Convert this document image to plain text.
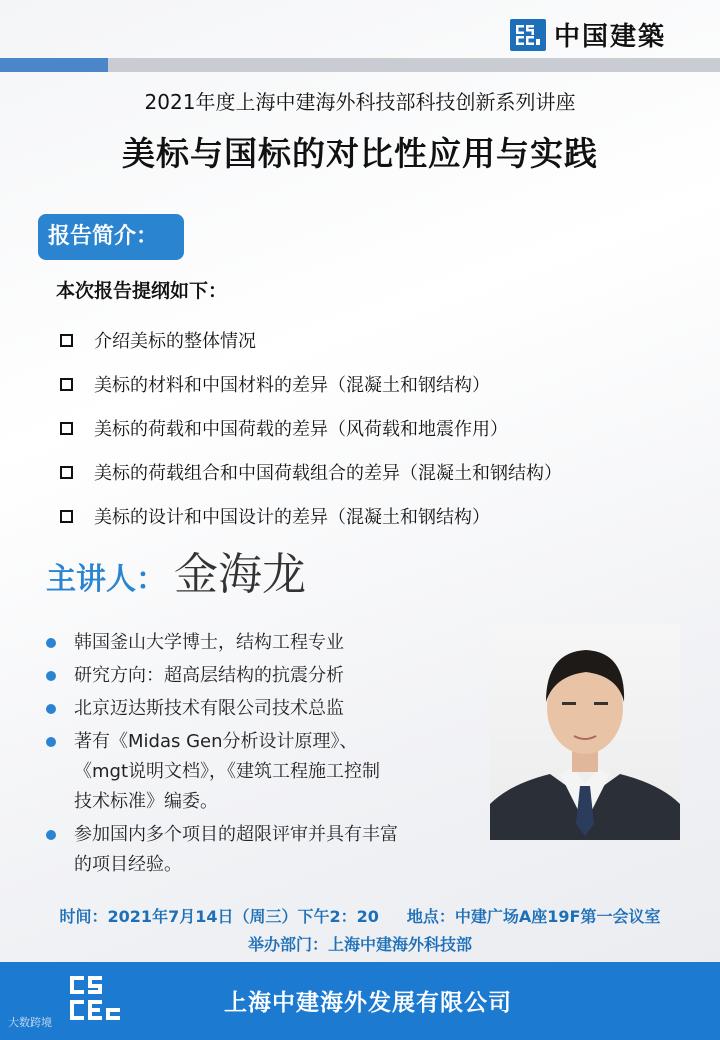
中国建築
2021年度上海中建海外科技部科技创新系列讲座
美标与国标的对比性应用与实践
报告简介：
本次报告提纲如下：
介绍美标的整体情况
美标的材料和中国材料的差异（混凝土和钢结构）
美标的荷载和中国荷载的差异（风荷载和地震作用）
美标的荷载组合和中国荷载组合的差异（混凝土和钢结构）
美标的设计和中国设计的差异（混凝土和钢结构）
主讲人： 金海龙
韩国釜山大学博士，结构工程专业
研究方向：超高层结构的抗震分析
北京迈达斯技术有限公司技术总监
著有《Midas Gen分析设计原理》、
《mgt说明文档》，《建筑工程施工控制
技术标准》编委。
参加国内多个项目的超限评审并具有丰富
的项目经验。
时间：2021年7月14日（周三）下午2：20 地点：中建广场A座19F第一会议室
举办部门：上海中建海外科技部
上海中建海外发展有限公司
大数跨境
